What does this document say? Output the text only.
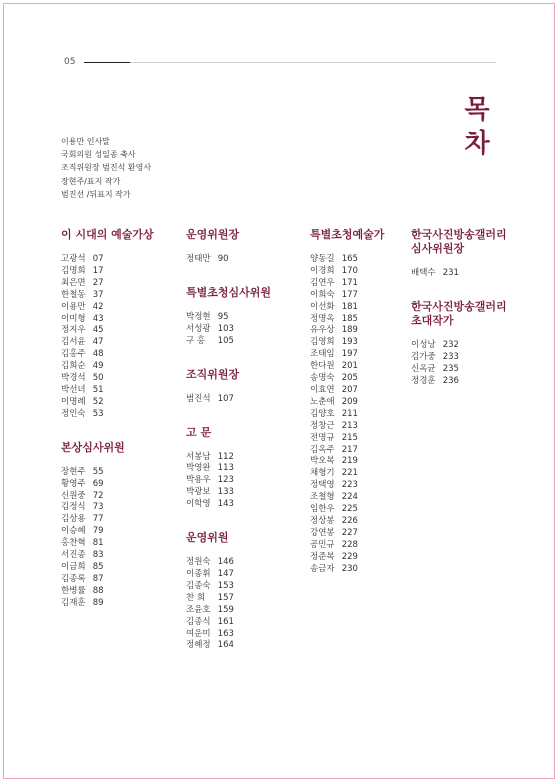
05
목
차
이용만 인사말
국회의원 성일종 축사
조직위원장 범진석 환영사
장현주/표지 작가
범진선 /뒤표지 작가
이 시대의 예술가상
고광석 07
김명희 17
최은면 27
한철동 37
이용만 42
이미형 43
정지우 45
김서윤 47
김홍주 48
김희순 49
박경석 50
박선녀 51
이명례 52
정인숙 53
본상심사위원
장현주 55
황영주 69
신원중 72
김정식 73
김상용 77
이승혜 79
홍찬혁 81
서진종 83
이금희 85
김종록 87
한병률 88
김재훈 89
운영위원장
정태만 90
특별초청심사위원
박정현 95
서성광 103
구 홍 105
조직위원장
범진석 107
고 문
서봉남 112
박영완 113
박용우 123
박광보 133
이학영 143
운영위원
정원숙 146
이종휘 147
김종숙 153
찬 희 157
조윤호 159
김종식 161
여운미 163
정혜정 164
특별초청예술가
양동길 165
이경희 170
김연우 171
이희숙 177
이선화 181
정명옥 185
유우상 189
김영희 193
조태임 197
한다원 201
송명숙 205
이효연 207
노춘애 209
김양호 211
정창근 213
전명규 215
김옥주 217
박오복 219
채형기 221
정택영 223
조철형 224
임한우 225
정상봉 226
강연봉 227
공민규 228
정준복 229
송금자 230
한국사진방송갤러리 심사위원장
배택수 231
한국사진방송갤러리 초대작가
이성낭 232
김가중 233
신옥균 235
정경훈 236
